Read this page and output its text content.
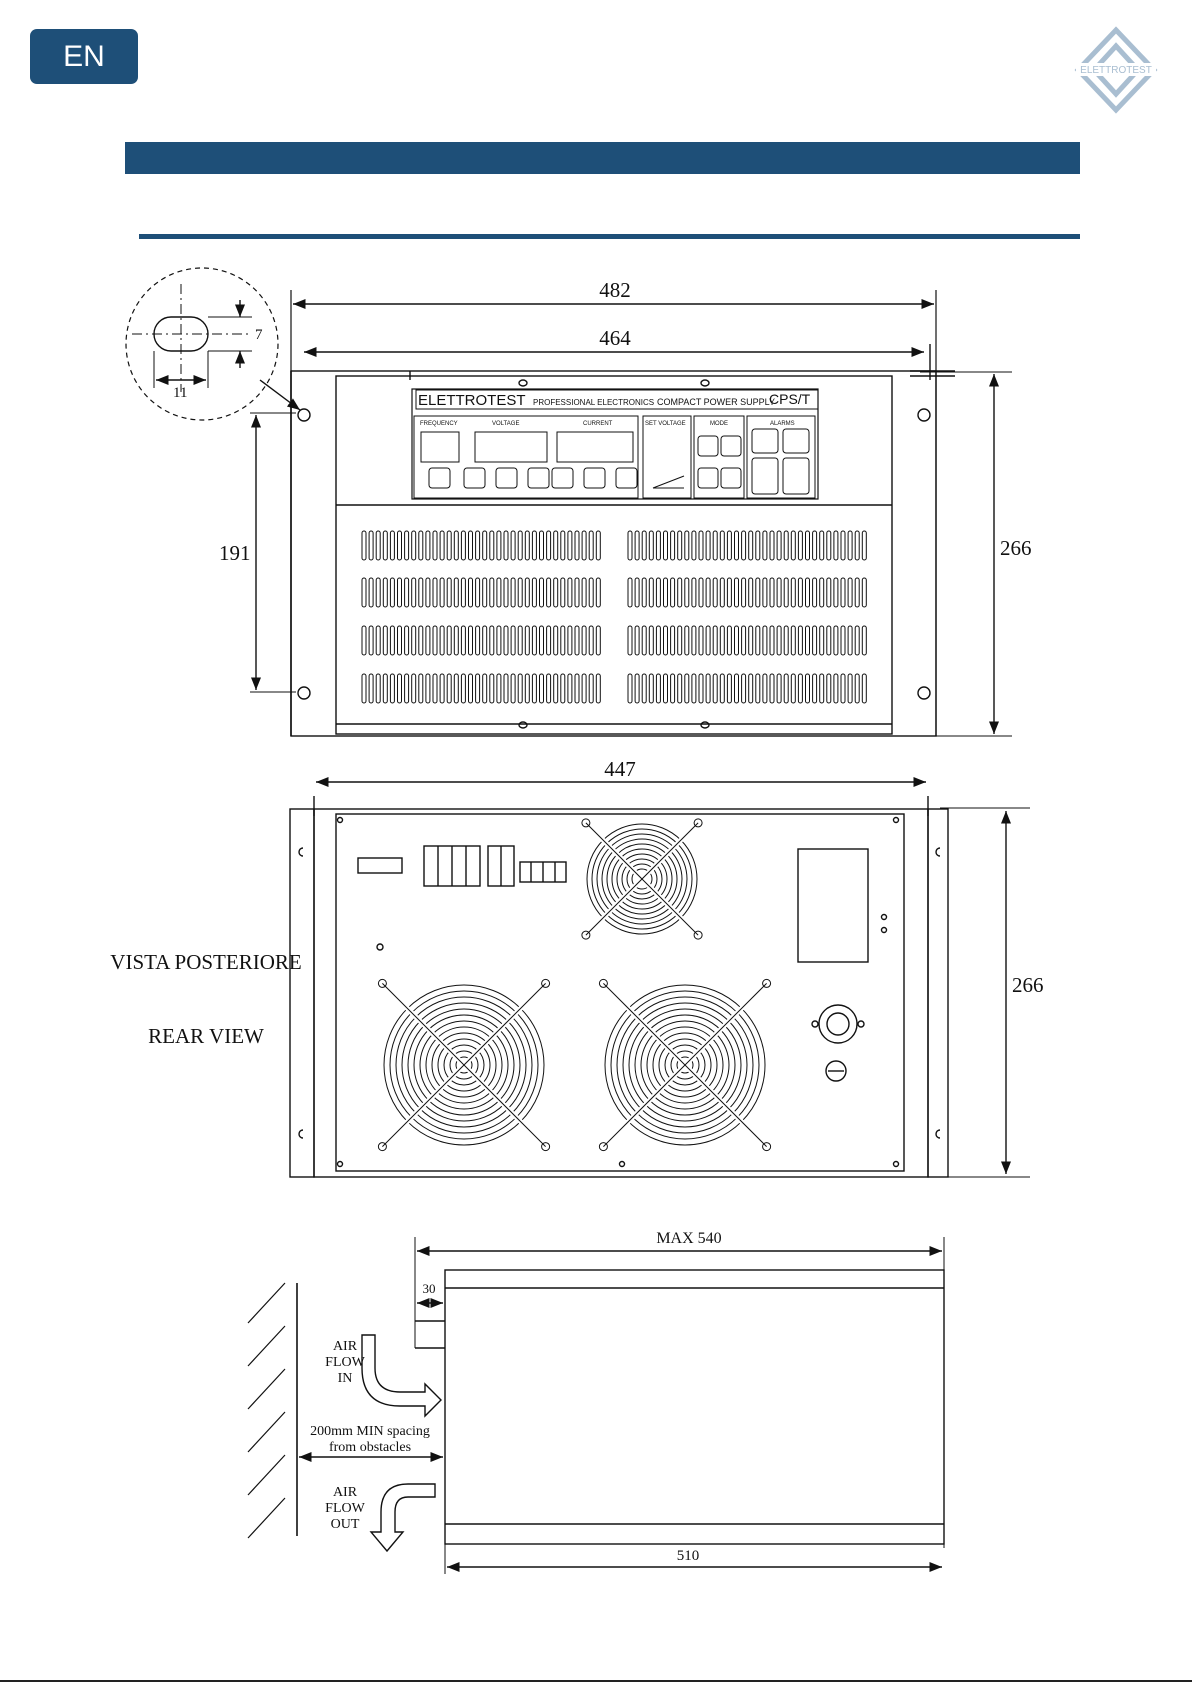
EN	ELETTROTEST
7
11
482
464
ELETTROTEST PROFESSIONAL ELECTRONICS COMPACT POWER SUPPLY
CPS/T
FREQUENCY	VOLTAGE	CURRENT	SET VOLTAGE	MODE	ALARMS
266
191
447
266
VISTA POSTERIORE
REAR VIEW
MAX 540
30
510
AIR
FLOW
IN
AIR
FLOW
OUT
200mm MIN spacing
from obstacles
